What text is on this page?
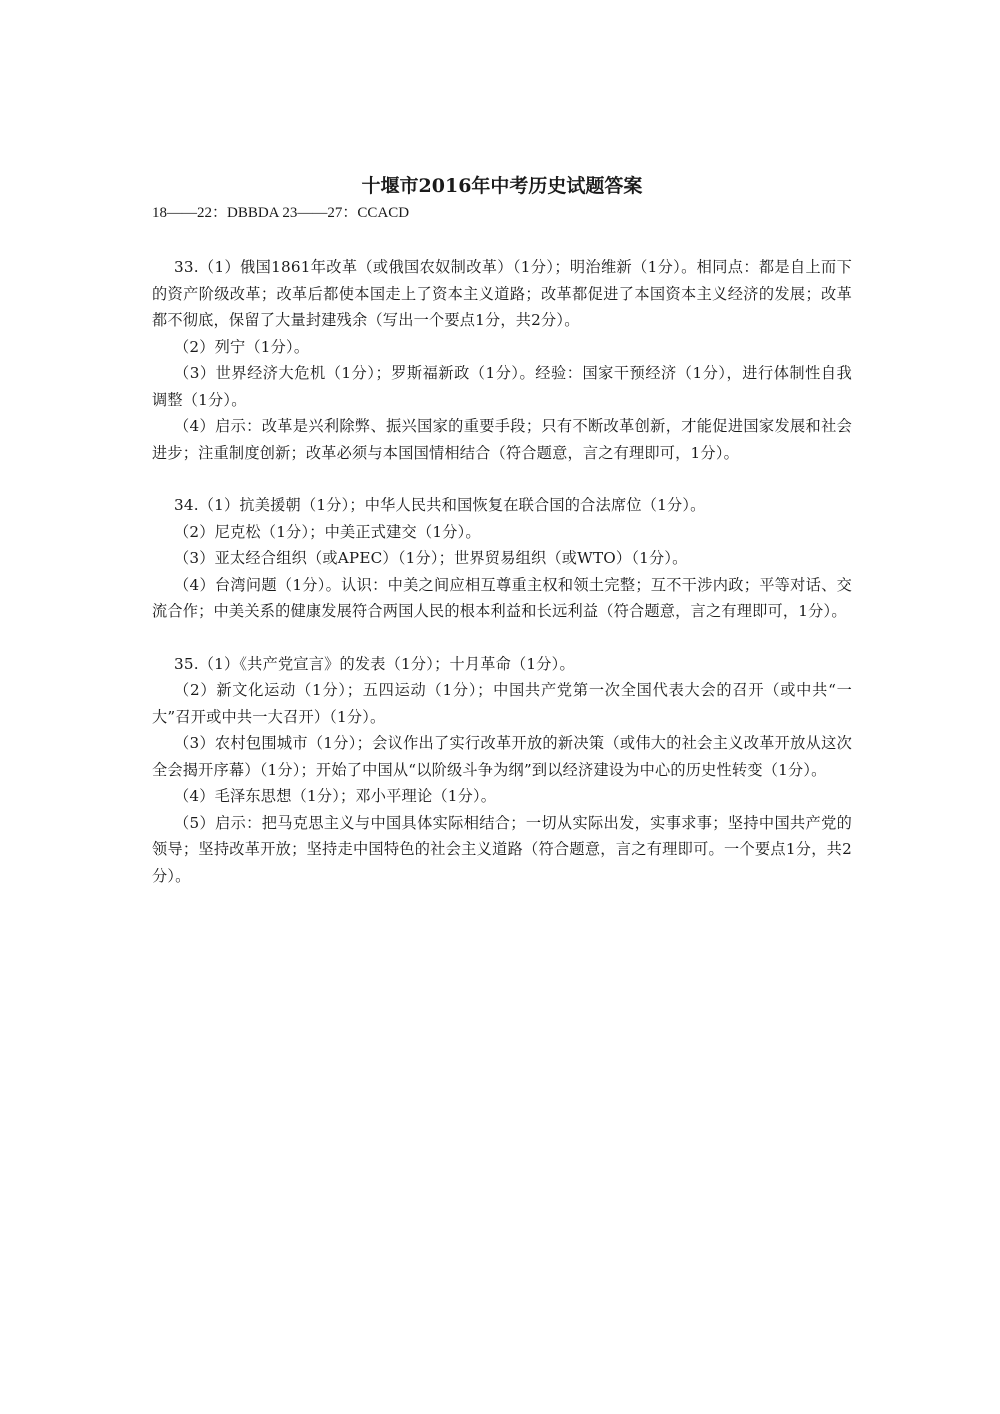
十堰市2016年中考历史试题答案

18——22：DBBDA 23——27：CCACD

33.（1）俄国1861年改革（或俄国农奴制改革）（1分）；明治维新（1分）。相同点：都是自上而下的资产阶级改革；改革后都使本国走上了资本主义道路；改革都促进了本国资本主义经济的发展；改革都不彻底，保留了大量封建残余（写出一个要点1分，共2分）。

（2）列宁（1分）。

（3）世界经济大危机（1分）；罗斯福新政（1分）。经验：国家干预经济（1分），进行体制性自我调整（1分）。

（4）启示：改革是兴利除弊、振兴国家的重要手段；只有不断改革创新，才能促进国家发展和社会进步；注重制度创新；改革必须与本国国情相结合（符合题意，言之有理即可，1分）。

34.（1）抗美援朝（1分）；中华人民共和国恢复在联合国的合法席位（1分）。

（2）尼克松（1分）；中美正式建交（1分）。

（3）亚太经合组织（或APEC）（1分）；世界贸易组织（或WTO）（1分）。

（4）台湾问题（1分）。认识：中美之间应相互尊重主权和领土完整；互不干涉内政；平等对话、交流合作；中美关系的健康发展符合两国人民的根本利益和长远利益（符合题意，言之有理即可，1分）。

35.（1）《共产党宣言》的发表（1分）；十月革命（1分）。

（2）新文化运动（1分）；五四运动（1分）；中国共产党第一次全国代表大会的召开（或中共“一大”召开或中共一大召开）（1分）。

（3）农村包围城市（1分）；会议作出了实行改革开放的新决策（或伟大的社会主义改革开放从这次全会揭开序幕）（1分）；开始了中国从“以阶级斗争为纲”到以经济建设为中心的历史性转变（1分）。

（4）毛泽东思想（1分）；邓小平理论（1分）。

（5）启示：把马克思主义与中国具体实际相结合；一切从实际出发，实事求事；坚持中国共产党的领导；坚持改革开放；坚持走中国特色的社会主义道路（符合题意，言之有理即可。一个要点1分，共2分）。
